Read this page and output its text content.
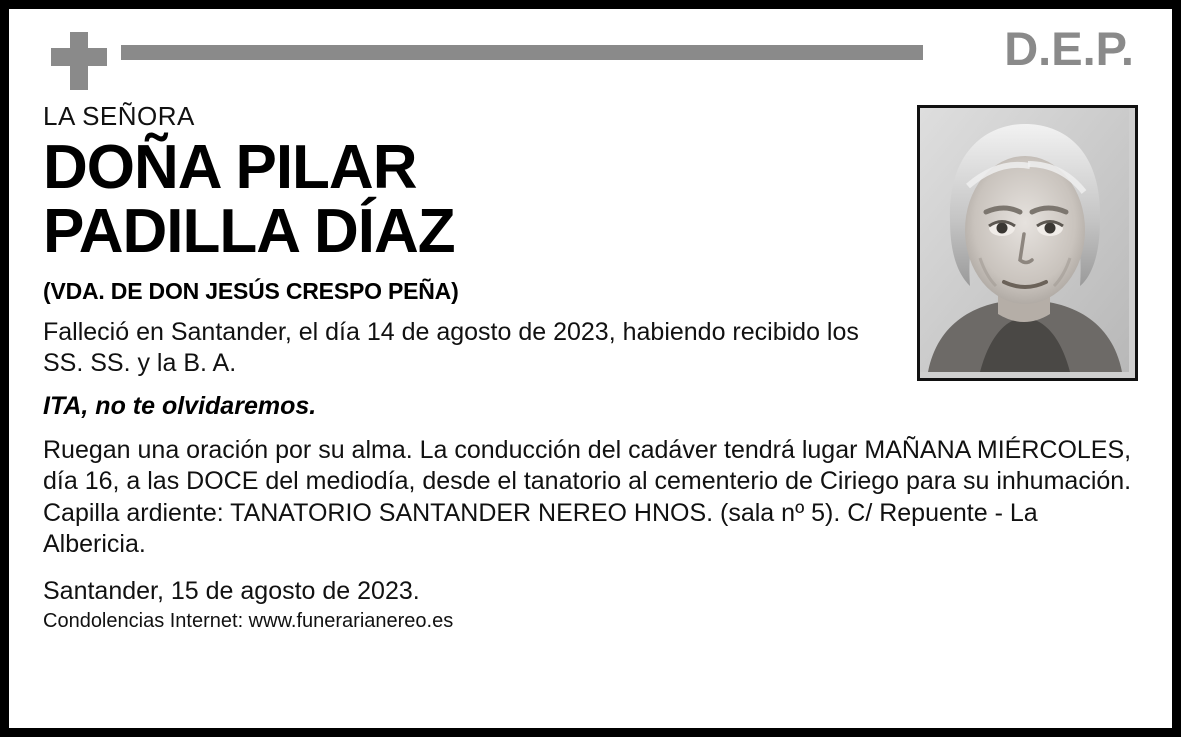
D.E.P.
LA SEÑORA
DOÑA PILAR
PADILLA DÍAZ
(VDA. DE DON JESÚS CRESPO PEÑA)
Falleció en Santander, el día 14 de agosto de 2023, habiendo recibido los SS. SS. y la B. A.
ITA, no te olvidaremos.
Ruegan una oración por su alma. La conducción del cadáver tendrá lugar MAÑANA MIÉRCOLES, día 16, a las DOCE del mediodía, desde el tanatorio al cementerio de Ciriego para su inhumación. Capilla ardiente: TANATORIO SANTANDER NEREO HNOS. (sala nº 5). C/ Repuente - La Albericia.
Santander, 15 de agosto de 2023.
Condolencias Internet: www.funerarianereo.es
